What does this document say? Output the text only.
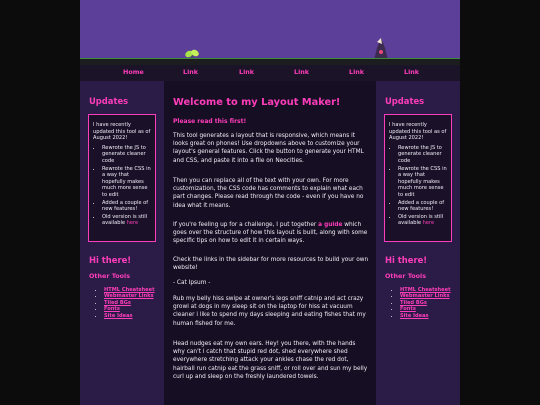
Home	Link	Link	Link	Link	Link
Updates
I have recently updated this tool as of August 2022!
• Rewrote the JS to generate cleaner code
• Rewrote the CSS in a way that hopefully makes much more sense to edit
• Added a couple of new features!
• Old version is still available here
Hi there!
Other Tools
• HTML Cheatsheet
• Webmaster Links
• Tiled BGs
• Fonts
• Site Ideas
Welcome to my Layout Maker!
Please read this first!

This tool generates a layout that is responsive, which means it looks great on phones! Use dropdowns above to customize your layout's general features. Click the button to generate your HTML and CSS, and paste it into a file on Neocities.

Then you can replace all of the text with your own. For more customization, the CSS code has comments to explain what each part changes. Please read through the code - even if you have no idea what it means.

If you're feeling up for a challenge, I put together a guide which goes over the structure of how this layout is built, along with some specific tips on how to edit it in certain ways.

Check the links in the sidebar for more resources to build your own website!

- Cat Ipsum -

Rub my belly hiss swipe at owner's legs sniff catnip and act crazy growl at dogs in my sleep sit on the laptop for hiss at vacuum cleaner i like to spend my days sleeping and eating fishes that my human fished for me.

Head nudges eat my own ears. Hey! you there, with the hands why can't i catch that stupid red dot, shed everywhere shed everywhere stretching attack your ankles chase the red dot, hairball run catnip eat the grass sniff, or roll over and sun my belly curl up and sleep on the freshly laundered towels.

Updates
I have recently updated this tool as of August 2022!
• Rewrote the JS to generate cleaner code
• Rewrote the CSS in a way that hopefully makes much more sense to edit
• Added a couple of new features!
• Old version is still available here
Hi there!
Other Tools
• HTML Cheatsheet
• Webmaster Links
• Tiled BGs
• Fonts
• Site Ideas
